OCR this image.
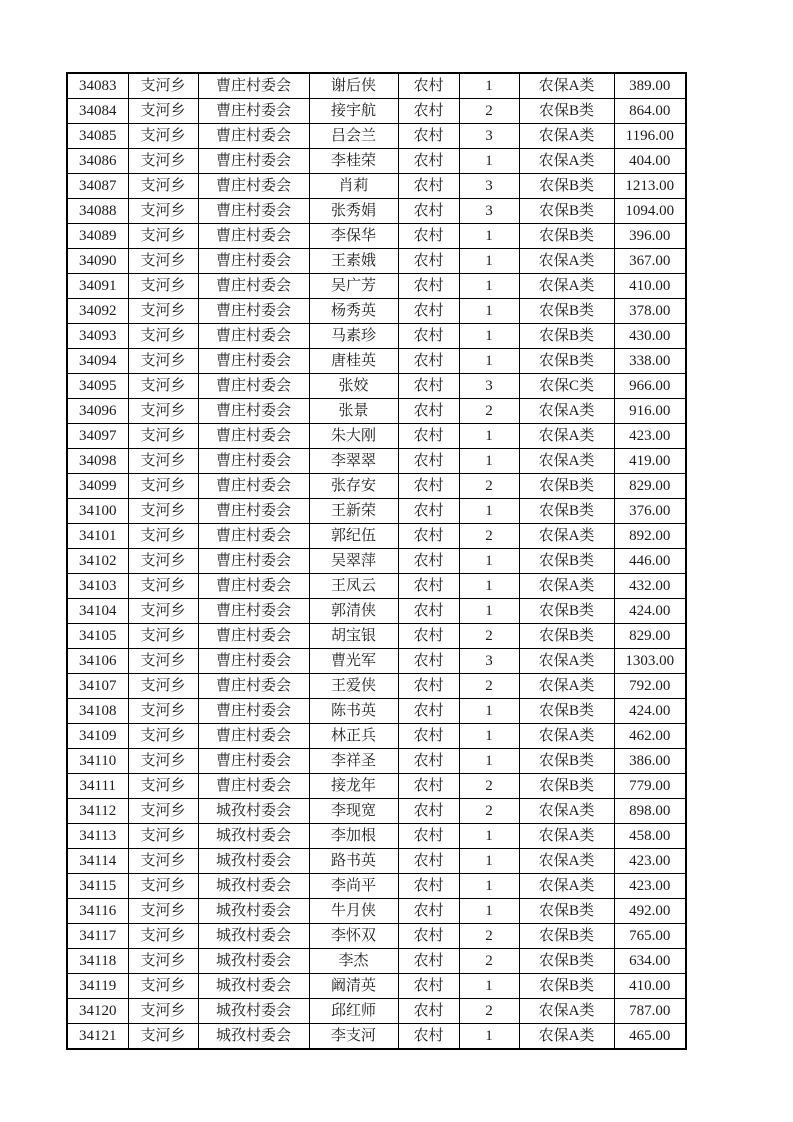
34083	支河乡	曹庄村委会	谢后侠	农村	1	农保A类	389.00
34084	支河乡	曹庄村委会	接宇航	农村	2	农保B类	864.00
34085	支河乡	曹庄村委会	吕会兰	农村	3	农保A类	1196.00
34086	支河乡	曹庄村委会	李桂荣	农村	1	农保A类	404.00
34087	支河乡	曹庄村委会	肖莉	农村	3	农保B类	1213.00
34088	支河乡	曹庄村委会	张秀娟	农村	3	农保B类	1094.00
34089	支河乡	曹庄村委会	李保华	农村	1	农保B类	396.00
34090	支河乡	曹庄村委会	王素娥	农村	1	农保A类	367.00
34091	支河乡	曹庄村委会	吴广芳	农村	1	农保A类	410.00
34092	支河乡	曹庄村委会	杨秀英	农村	1	农保B类	378.00
34093	支河乡	曹庄村委会	马素珍	农村	1	农保B类	430.00
34094	支河乡	曹庄村委会	唐桂英	农村	1	农保B类	338.00
34095	支河乡	曹庄村委会	张姣	农村	3	农保C类	966.00
34096	支河乡	曹庄村委会	张景	农村	2	农保A类	916.00
34097	支河乡	曹庄村委会	朱大刚	农村	1	农保A类	423.00
34098	支河乡	曹庄村委会	李翠翠	农村	1	农保A类	419.00
34099	支河乡	曹庄村委会	张存安	农村	2	农保B类	829.00
34100	支河乡	曹庄村委会	王新荣	农村	1	农保B类	376.00
34101	支河乡	曹庄村委会	郭纪伍	农村	2	农保A类	892.00
34102	支河乡	曹庄村委会	吴翠萍	农村	1	农保B类	446.00
34103	支河乡	曹庄村委会	王凤云	农村	1	农保A类	432.00
34104	支河乡	曹庄村委会	郭清侠	农村	1	农保B类	424.00
34105	支河乡	曹庄村委会	胡宝银	农村	2	农保B类	829.00
34106	支河乡	曹庄村委会	曹光军	农村	3	农保A类	1303.00
34107	支河乡	曹庄村委会	王爱侠	农村	2	农保A类	792.00
34108	支河乡	曹庄村委会	陈书英	农村	1	农保B类	424.00
34109	支河乡	曹庄村委会	林正兵	农村	1	农保A类	462.00
34110	支河乡	曹庄村委会	李祥圣	农村	1	农保B类	386.00
34111	支河乡	曹庄村委会	接龙年	农村	2	农保B类	779.00
34112	支河乡	城孜村委会	李现宽	农村	2	农保A类	898.00
34113	支河乡	城孜村委会	李加根	农村	1	农保A类	458.00
34114	支河乡	城孜村委会	路书英	农村	1	农保A类	423.00
34115	支河乡	城孜村委会	李尚平	农村	1	农保A类	423.00
34116	支河乡	城孜村委会	牛月侠	农村	1	农保B类	492.00
34117	支河乡	城孜村委会	李怀双	农村	2	农保B类	765.00
34118	支河乡	城孜村委会	李杰	农村	2	农保B类	634.00
34119	支河乡	城孜村委会	阚清英	农村	1	农保B类	410.00
34120	支河乡	城孜村委会	邱红师	农村	2	农保A类	787.00
34121	支河乡	城孜村委会	李支河	农村	1	农保A类	465.00
